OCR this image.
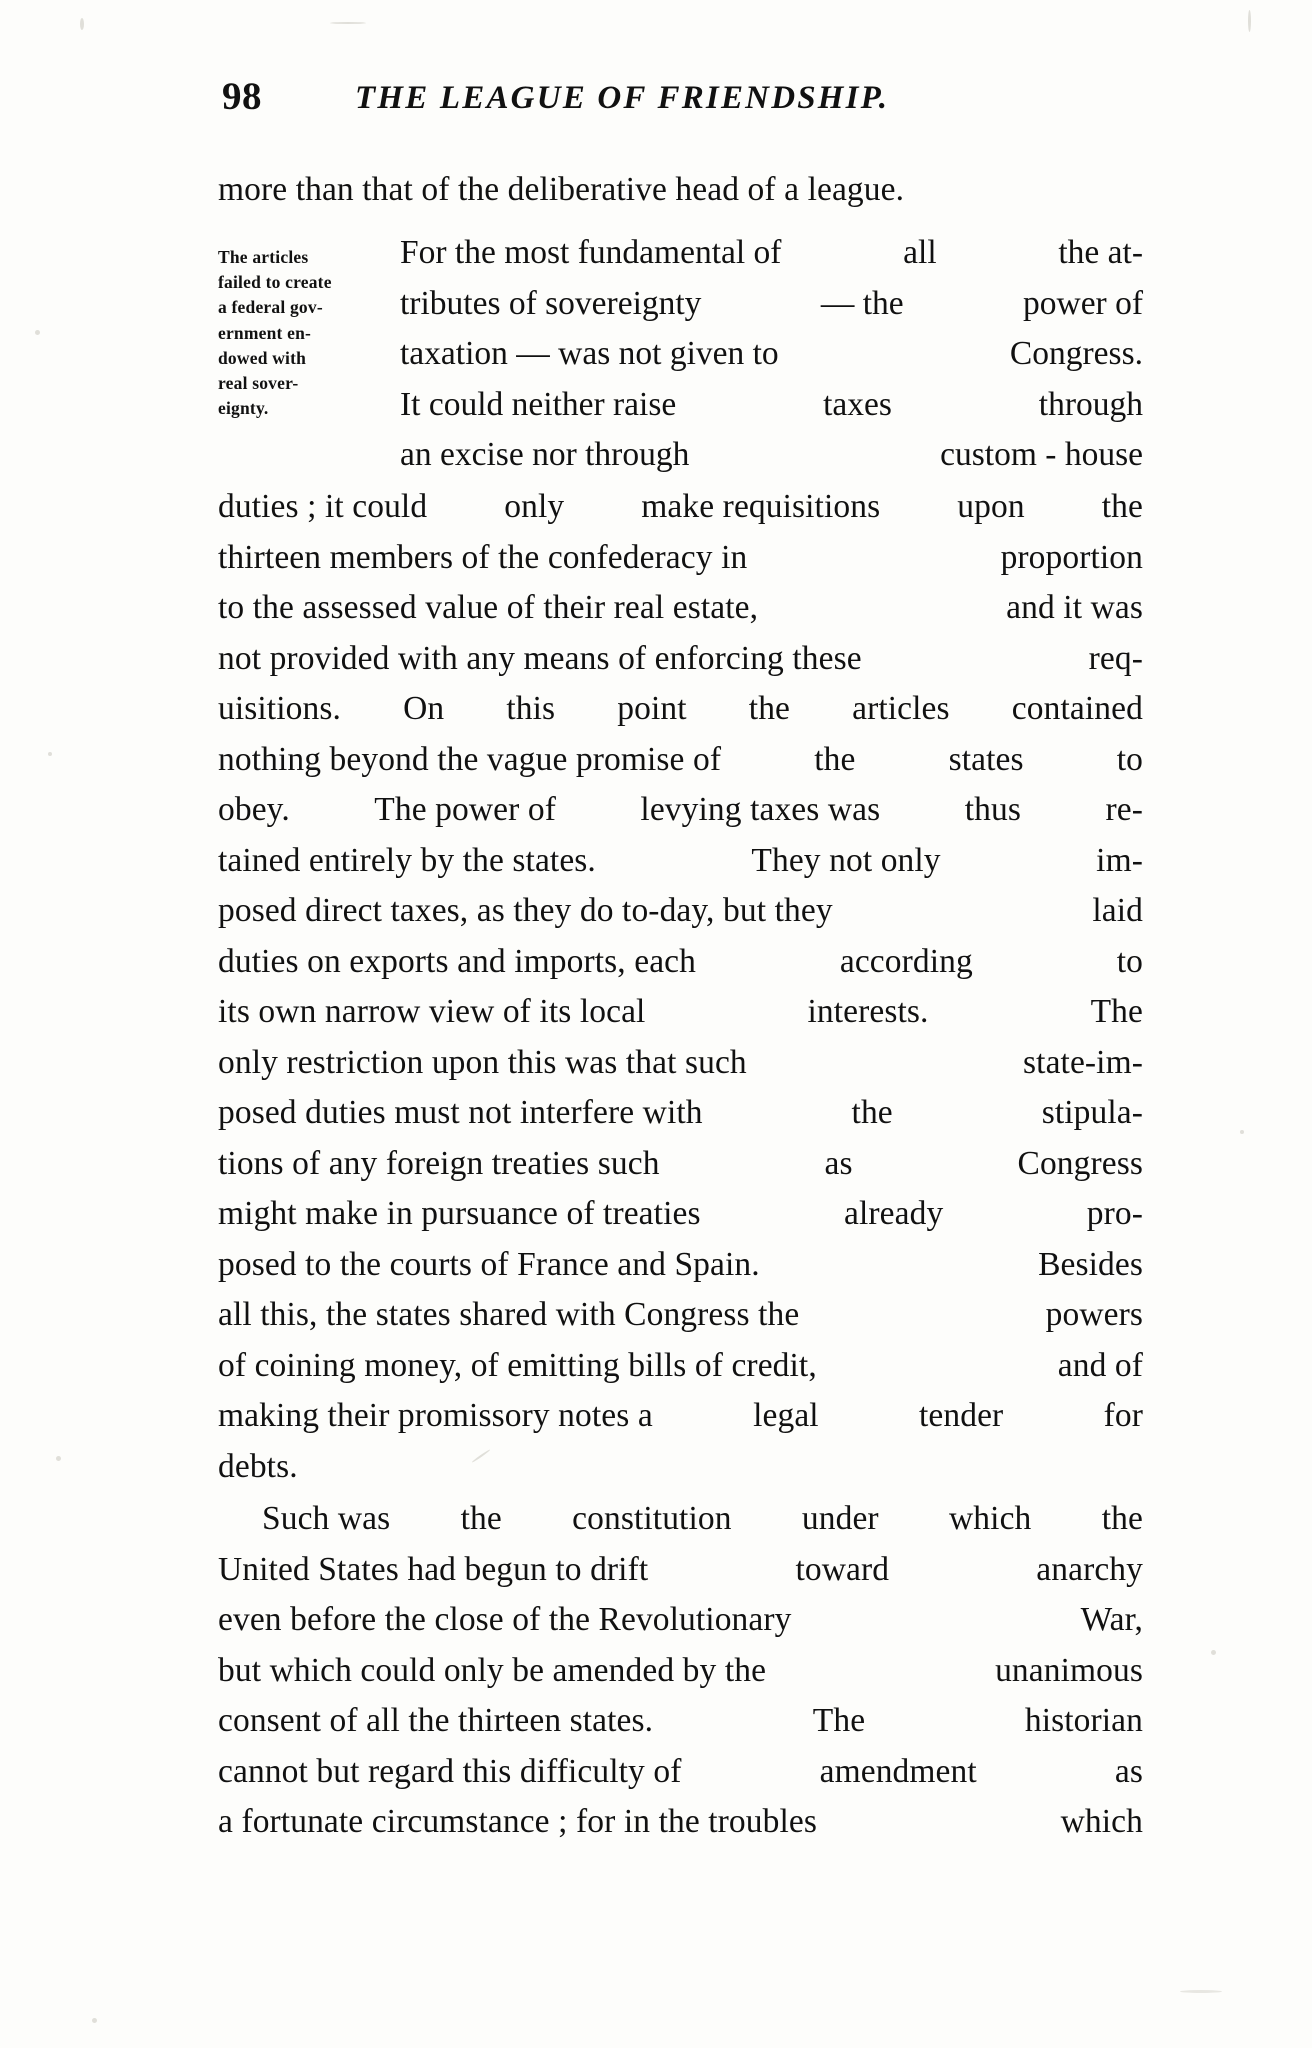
98	THE LEAGUE OF FRIENDSHIP.
more than that of the deliberative head of a league.
The articles
failed to create
a federal gov-
ernment en-
dowed with
real sover-
eignty.
For the most fundamental of	all	the at-
tributes of sovereignty	— the	power of
taxation — was not given to	Congress.
It could neither raise	taxes	through
an excise nor through	custom - house
duties ; it could only make requisitions upon the
thirteen members of the confederacy in	proportion
to the assessed value of their real estate,	and it was
not provided with any means of enforcing these	req-
uisitions. On this point the articles contained
nothing beyond the vague promise of	the	states	to
obey.	The power of	levying taxes was	thus	re-
tained entirely by the states.	They not only	im-
posed direct taxes, as they do to-day, but they	laid
duties on exports and imports, each	according	to
its own narrow view of its local	interests.	The
only restriction upon this was that such	state-im-
posed duties must not interfere with	the	stipula-
tions of any foreign treaties such	as	Congress
might make in pursuance of treaties	already	pro-
posed to the courts of France and Spain.	Besides
all this, the states shared with Congress the	powers
of coining money, of emitting bills of credit,	and of
making their promissory notes a	legal	tender	for
debts.
Such was the constitution under which the
United States had begun to drift	toward	anarchy
even before the close of the Revolutionary	War,
but which could only be amended by the	unanimous
consent of all the thirteen states.	The	historian
cannot but regard this difficulty of	amendment	as
a fortunate circumstance ; for in the troubles	which
